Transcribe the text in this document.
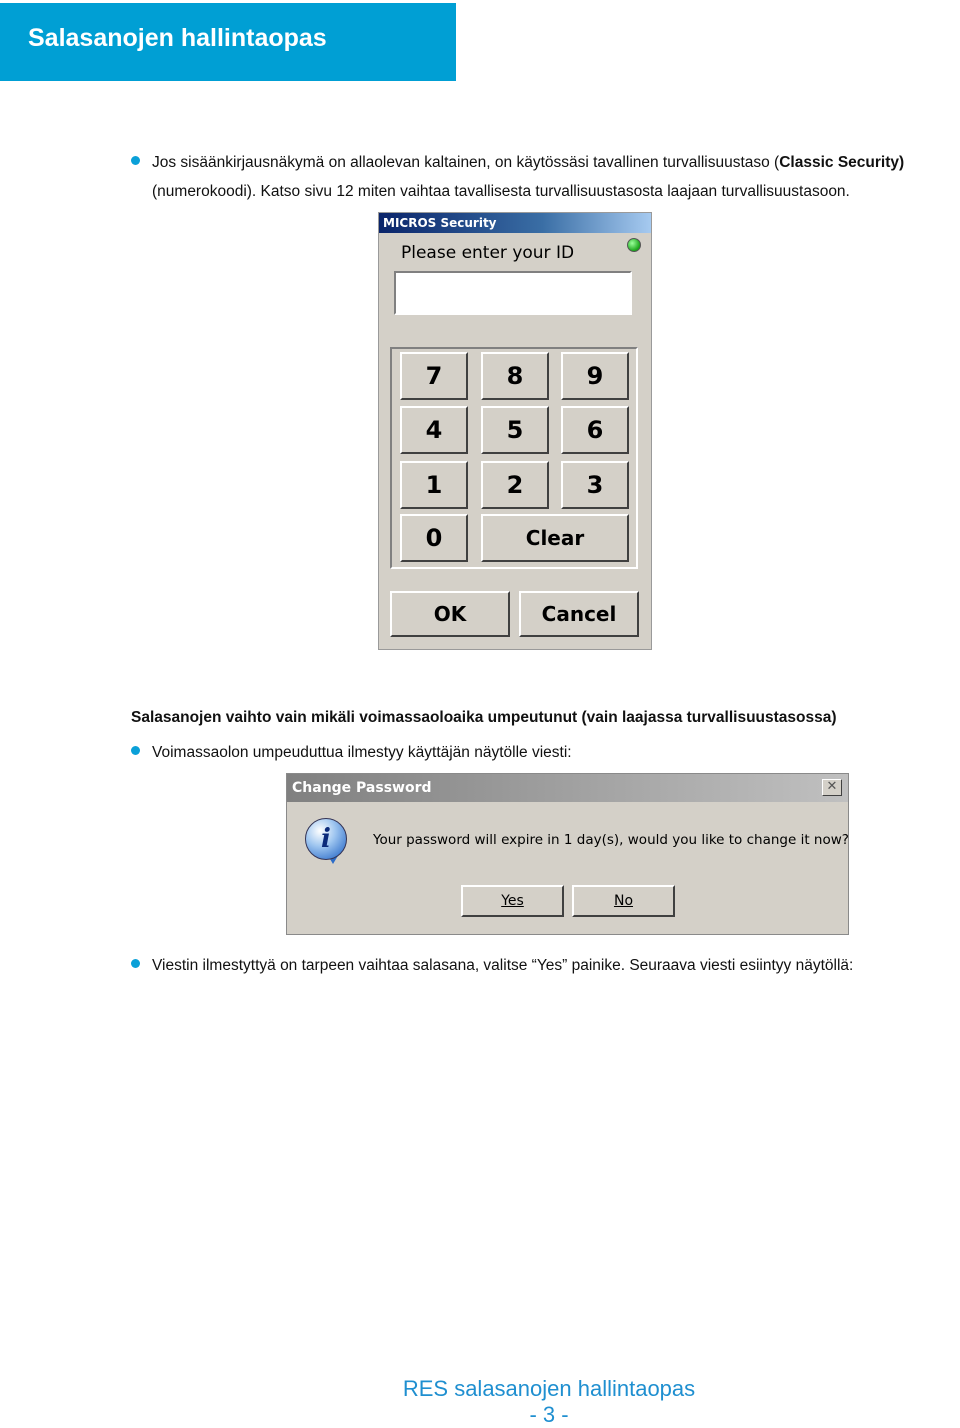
Salasanojen hallintaopas
Jos sisäänkirjausnäkymä on allaolevan kaltainen, on käytössäsi tavallinen turvallisuustaso (Classic Security)
(numerokoodi). Katso sivu 12 miten vaihtaa tavallisesta turvallisuustasosta laajaan turvallisuustasoon.
MICROS Security
Please enter your ID
7	8	9
4	5	6
1	2	3
0	Clear
OK	Cancel
Salasanojen vaihto vain mikäli voimassaoloaika umpeutunut (vain laajassa turvallisuustasossa)
Voimassaolon umpeuduttua ilmestyy käyttäjän näytölle viesti:
Change Password	✕
i	Your password will expire in 1 day(s), would you like to change it now?
Yes	No
Viestin ilmestyttyä on tarpeen vaihtaa salasana, valitse “Yes” painike. Seuraava viesti esiintyy näytöllä:
RES salasanojen hallintaopas
- 3 -
